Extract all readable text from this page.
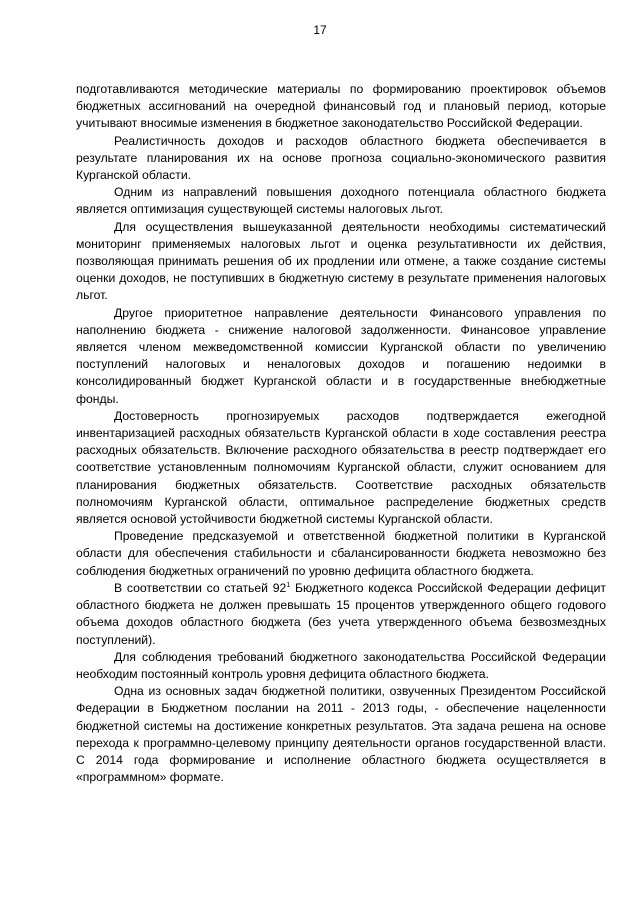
17

подготавливаются методические материалы по формированию проектировок объемов бюджетных ассигнований на очередной финансовый год и плановый период, которые учитывают вносимые изменения в бюджетное законодательство Российской Федерации.

Реалистичность доходов и расходов областного бюджета обеспечивается в результате планирования их на основе прогноза социально-экономического развития Курганской области.

Одним из направлений повышения доходного потенциала областного бюджета является оптимизация существующей системы налоговых льгот.

Для осуществления вышеуказанной деятельности необходимы систематический мониторинг применяемых налоговых льгот и оценка результативности их действия, позволяющая принимать решения об их продлении или отмене, а также создание системы оценки доходов, не поступивших в бюджетную систему в результате применения налоговых льгот.

Другое приоритетное направление деятельности Финансового управления по наполнению бюджета - снижение налоговой задолженности. Финансовое управление является членом межведомственной комиссии Курганской области по увеличению поступлений налоговых и неналоговых доходов и погашению недоимки в консолидированный бюджет Курганской области и в государственные внебюджетные фонды.

Достоверность прогнозируемых расходов подтверждается ежегодной инвентаризацией расходных обязательств Курганской области в ходе составления реестра расходных обязательств. Включение расходного обязательства в реестр подтверждает его соответствие установленным полномочиям Курганской области, служит основанием для планирования бюджетных обязательств. Соответствие расходных обязательств полномочиям Курганской области, оптимальное распределение бюджетных средств является основой устойчивости бюджетной системы Курганской области.

Проведение предсказуемой и ответственной бюджетной политики в Курганской области для обеспечения стабильности и сбалансированности бюджета невозможно без соблюдения бюджетных ограничений по уровню дефицита областного бюджета.

В соответствии со статьей $92^1$ Бюджетного кодекса Российской Федерации дефицит областного бюджета не должен превышать 15 процентов утвержденного общего годового объема доходов областного бюджета (без учета утвержденного объема безвозмездных поступлений).

Для соблюдения требований бюджетного законодательства Российской Федерации необходим постоянный контроль уровня дефицита областного бюджета.

Одна из основных задач бюджетной политики, озвученных Президентом Российской Федерации в Бюджетном послании на 2011 - 2013 годы, - обеспечение нацеленности бюджетной системы на достижение конкретных результатов. Эта задача решена на основе перехода к программно-целевому принципу деятельности органов государственной власти. С 2014 года формирование и исполнение областного бюджета осуществляется в «программном» формате.
